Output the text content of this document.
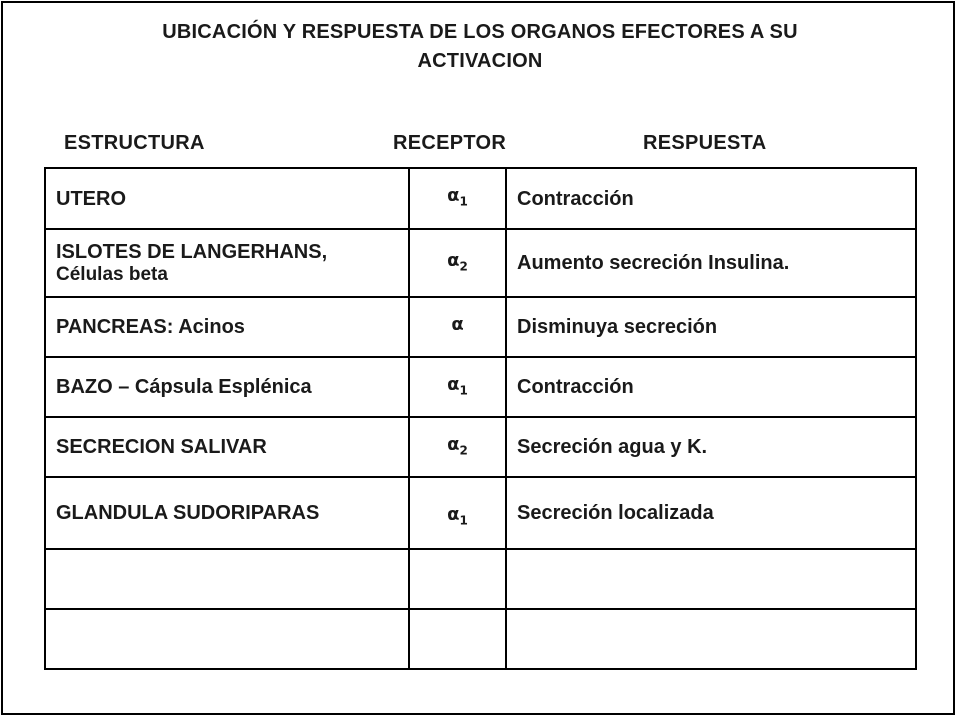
UBICACIÓN Y RESPUESTA DE LOS ORGANOS EFECTORES A SU
ACTIVACION
ESTRUCTURA	RECEPTOR	RESPUESTA
UTERO	$\alpha_1$	Contracción

ISLOTES DE LANGERHANS,
Células beta	$\alpha_2$	Aumento secreción Insulina.
PANCREAS: Acinos	α	Disminuya secreción
BAZO – Cápsula Esplénica	$\alpha_1$	Contracción
SECRECION SALIVAR	$\alpha_2$	Secreción agua y K.
GLANDULA SUDORIPARAS	$\alpha_1$	Secreción localizada
